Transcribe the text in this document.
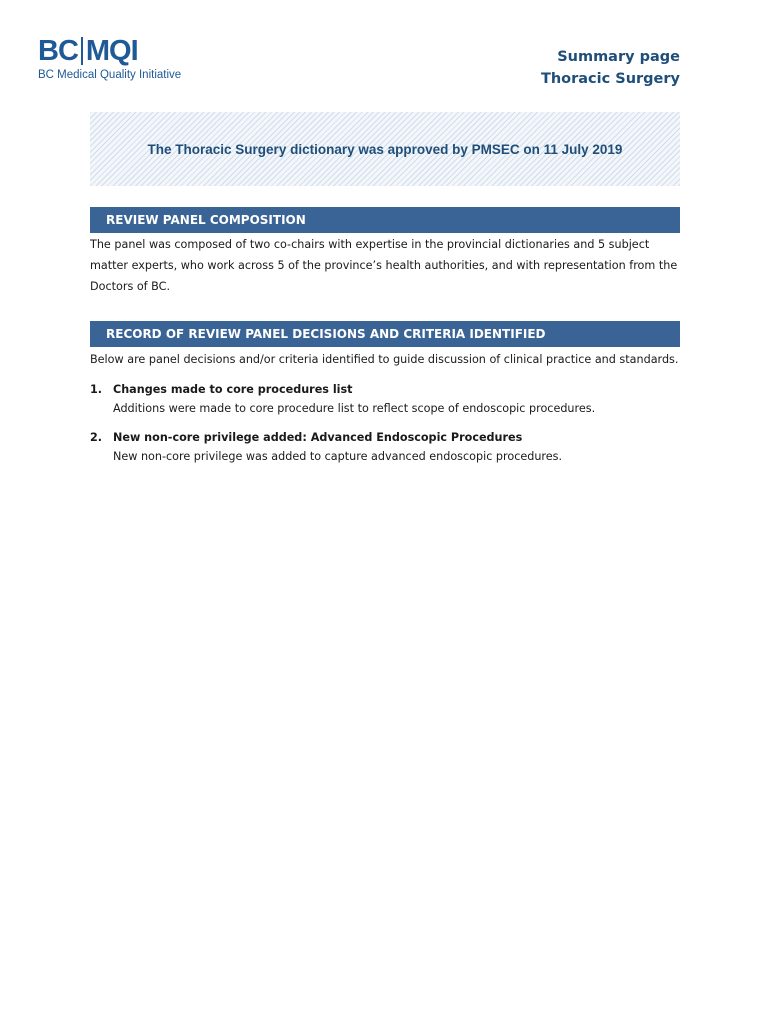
BC MQI
BC Medical Quality Initiative
Summary page
Thoracic Surgery
The Thoracic Surgery dictionary was approved by PMSEC on 11 July 2019
REVIEW PANEL COMPOSITION
The panel was composed of two co-chairs with expertise in the provincial dictionaries and 5 subject matter experts, who work across 5 of the province’s health authorities, and with representation from the Doctors of BC.
RECORD OF REVIEW PANEL DECISIONS AND CRITERIA IDENTIFIED
Below are panel decisions and/or criteria identified to guide discussion of clinical practice and standards.
1. Changes made to core procedures list
Additions were made to core procedure list to reflect scope of endoscopic procedures.
2. New non-core privilege added: Advanced Endoscopic Procedures
New non-core privilege was added to capture advanced endoscopic procedures.
